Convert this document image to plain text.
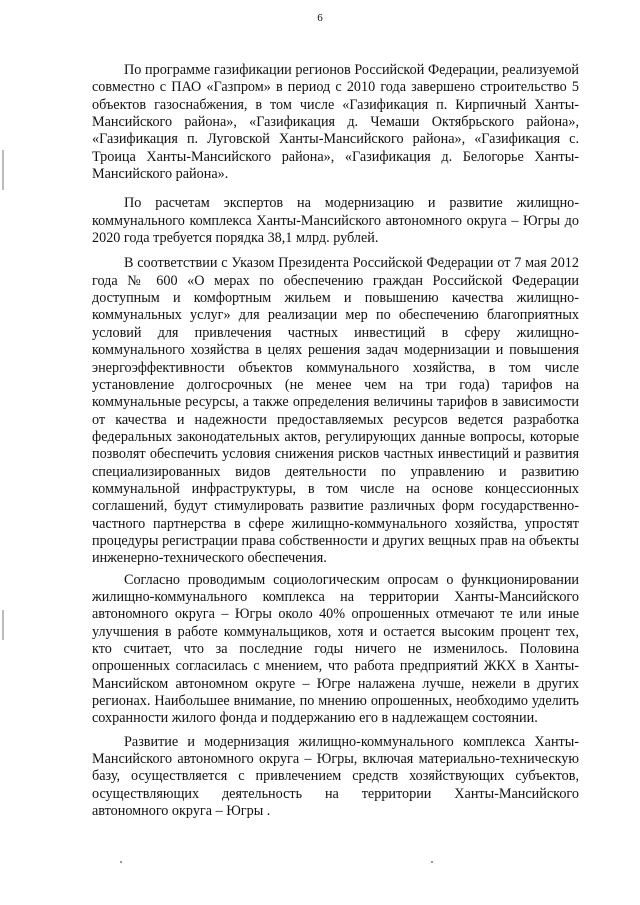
6

По программе газификации регионов Российской Федерации, реализуемой совместно с ПАО «Газпром» в период с 2010 года завершено строительство 5 объектов газоснабжения, в том числе «Газификация п. Кирпичный Ханты-Мансийского района», «Газификация д. Чемаши Октябрьского района», «Газификация п. Луговской Ханты-Мансийского района», «Газификация с. Троица Ханты-Мансийского района», «Газификация д. Белогорье Ханты-Мансийского района».

По расчетам экспертов на модернизацию и развитие жилищно-коммунального комплекса Ханты-Мансийского автономного округа – Югры до 2020 года требуется порядка 38,1 млрд. рублей.

В соответствии с Указом Президента Российской Федерации от 7 мая 2012 года № 600 «О мерах по обеспечению граждан Российской Федерации доступным и комфортным жильем и повышению качества жилищно-коммунальных услуг» для реализации мер по обеспечению благоприятных условий для привлечения частных инвестиций в сферу жилищно-коммунального хозяйства в целях решения задач модернизации и повышения энергоэффективности объектов коммунального хозяйства, в том числе установление долгосрочных (не менее чем на три года) тарифов на коммунальные ресурсы, а также определения величины тарифов в зависимости от качества и надежности предоставляемых ресурсов ведется разработка федеральных законодательных актов, регулирующих данные вопросы, которые позволят обеспечить условия снижения рисков частных инвестиций и развития специализированных видов деятельности по управлению и развитию коммунальной инфраструктуры, в том числе на основе концессионных соглашений, будут стимулировать развитие различных форм государственно-частного партнерства в сфере жилищно-коммунального хозяйства, упростят процедуры регистрации права собственности и других вещных прав на объекты инженерно-технического обеспечения.

Согласно проводимым социологическим опросам о функционировании жилищно-коммунального комплекса на территории Ханты-Мансийского автономного округа – Югры около 40% опрошенных отмечают те или иные улучшения в работе коммунальщиков, хотя и остается высоким процент тех, кто считает, что за последние годы ничего не изменилось. Половина опрошенных согласилась с мнением, что работа предприятий ЖКХ в Ханты-Мансийском автономном округе – Югре налажена лучше, нежели в других регионах. Наибольшее внимание, по мнению опрошенных, необходимо уделить сохранности жилого фонда и поддержанию его в надлежащем состоянии.

Развитие и модернизация жилищно-коммунального комплекса Ханты-Мансийского автономного округа – Югры, включая материально-техническую базу, осуществляется с привлечением средств хозяйствующих субъектов, осуществляющих деятельность на территории Ханты-Мансийского автономного округа – Югры .
